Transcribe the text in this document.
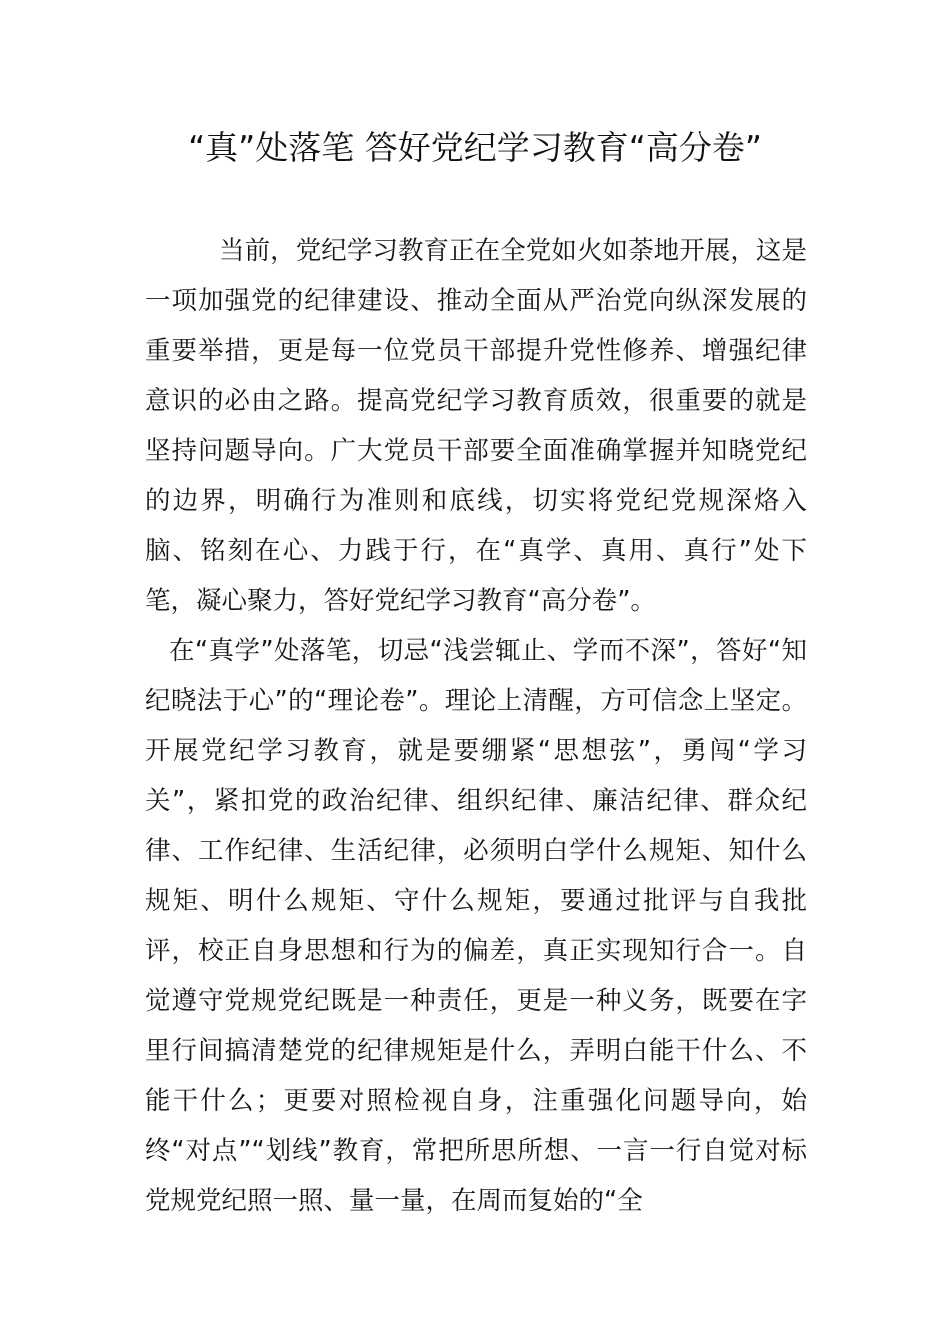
“真”处落笔 答好党纪学习教育“高分卷”

当前，党纪学习教育正在全党如火如荼地开展，这是一项加强党的纪律建设、推动全面从严治党向纵深发展的重要举措，更是每一位党员干部提升党性修养、增强纪律意识的必由之路。提高党纪学习教育质效，很重要的就是坚持问题导向。广大党员干部要全面准确掌握并知晓党纪的边界，明确行为准则和底线，切实将党纪党规深烙入脑、铭刻在心、力践于行，在“真学、真用、真行”处下笔，凝心聚力，答好党纪学习教育“高分卷”。

在“真学”处落笔，切忌“浅尝辄止、学而不深”，答好“知纪晓法于心”的“理论卷”。理论上清醒，方可信念上坚定。开展党纪学习教育，就是要绷紧“思想弦”，勇闯“学习关”，紧扣党的政治纪律、组织纪律、廉洁纪律、群众纪律、工作纪律、生活纪律，必须明白学什么规矩、知什么规矩、明什么规矩、守什么规矩，要通过批评与自我批评，校正自身思想和行为的偏差，真正实现知行合一。自觉遵守党规党纪既是一种责任，更是一种义务，既要在字里行间搞清楚党的纪律规矩是什么，弄明白能干什么、不能干什么；更要对照检视自身，注重强化问题导向，始终“对点”“划线”教育，常把所思所想、一言一行自觉对标党规党纪照一照、量一量，在周而复始的“全
